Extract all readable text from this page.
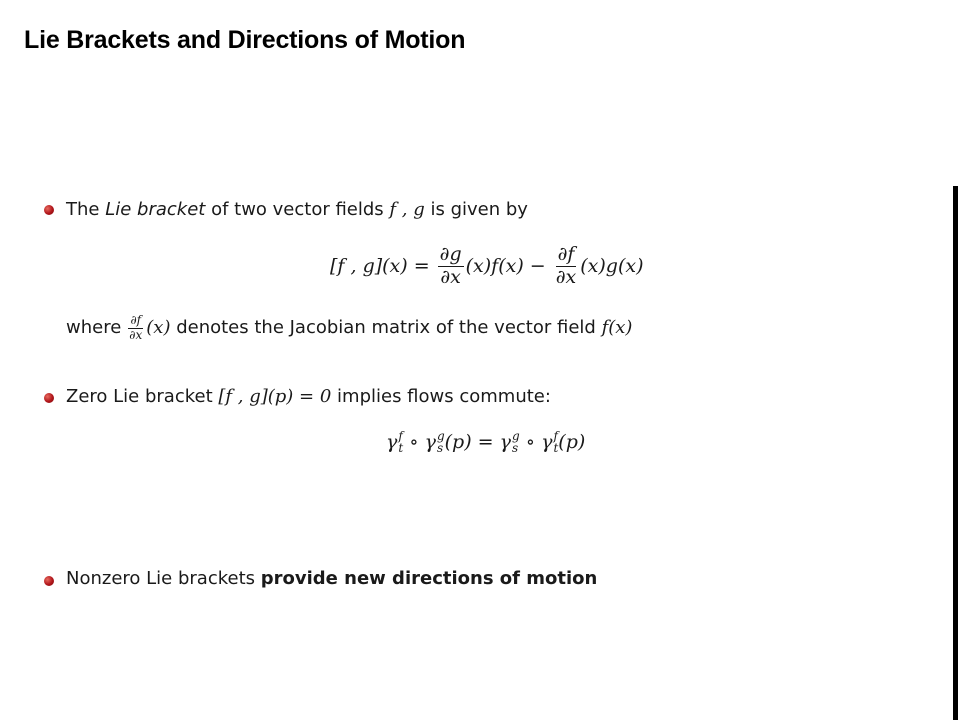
Lie Brackets and Directions of Motion
The Lie bracket of two vector fields f , g is given by
[f , $g](x) = \frac{\partial g}{\partial x} (x)f(x) - \frac{\partial f}{\partial x} (x)g(x)$
where $\frac{\partial f}{\partial x} (x)$ denotes the Jacobian matrix of the vector field f(x)
Zero Lie bracket [f , g](p) = 0 implies flows commute:
γ f
t ∘ γ g
s (p) = γ g
s ∘ γ f
t (p)
Nonzero Lie brackets provide new directions of motion
